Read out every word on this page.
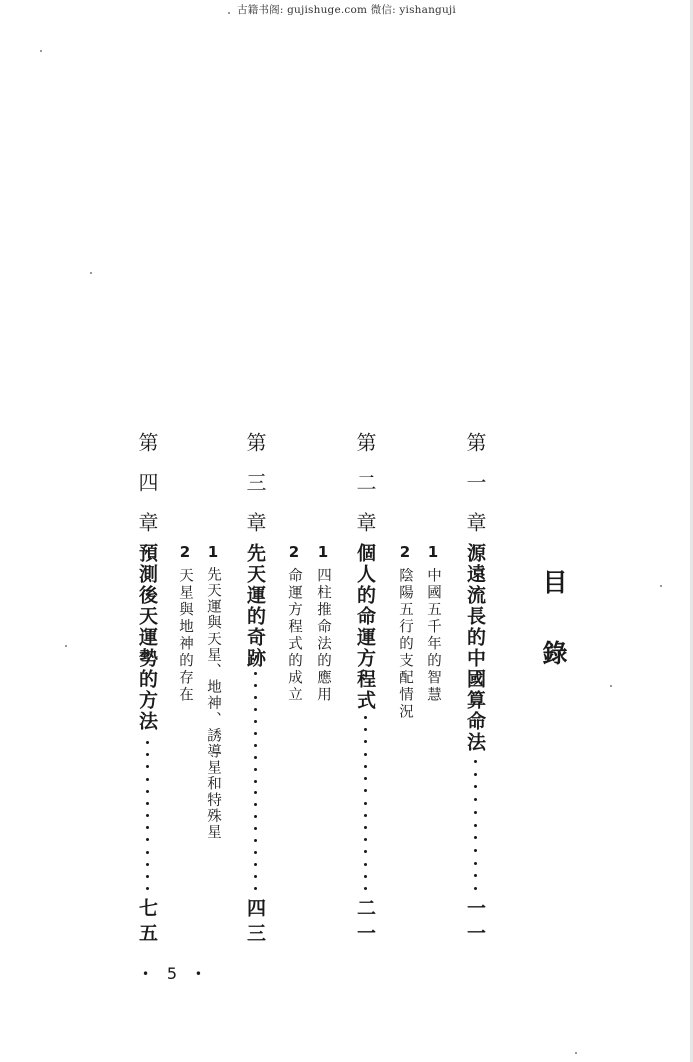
古籍书阁: gujishuge.com 微信: yishanguji
目錄
第一章
源遠流長的中國算命法
一一
1中國五千年的智慧
2陰陽五行的支配情況
第二章
個人的命運方程式
二一
1四柱推命法的應用
2命運方程式的成立
第三章
先天運的奇跡
四三
1先天運與天星、地神、誘導星和特殊星
2天星與地神的存在
第四章
預測後天運勢的方法
七五
• 5 •
